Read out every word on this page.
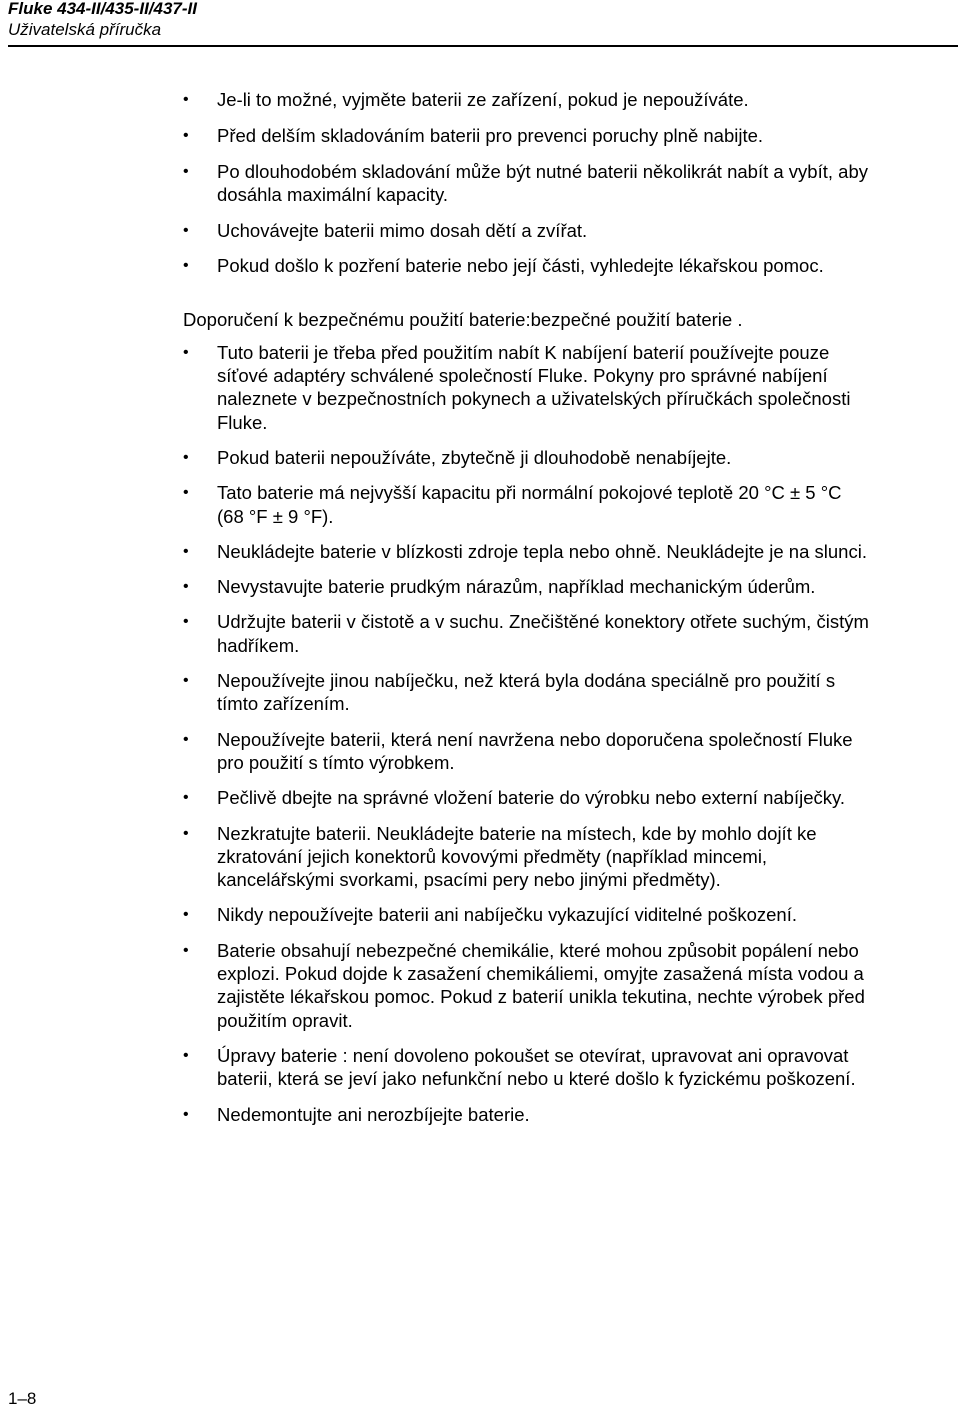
Fluke 434-II/435-II/437-II
Uživatelská příručka
• Je-li to možné, vyjměte baterii ze zařízení, pokud je nepoužíváte.
• Před delším skladováním baterii pro prevenci poruchy plně nabijte.
• Po dlouhodobém skladování může být nutné baterii několikrát nabít a vybít, aby dosáhla maximální kapacity.
• Uchovávejte baterii mimo dosah dětí a zvířat.
• Pokud došlo k pozření baterie nebo její části, vyhledejte lékařskou pomoc.
Doporučení k bezpečnému použití baterie:bezpečné použití baterie .
• Tuto baterii je třeba před použitím nabít K nabíjení baterií používejte pouze síťové adaptéry schválené společností Fluke. Pokyny pro správné nabíjení naleznete v bezpečnostních pokynech a uživatelských příručkách společnosti Fluke.
• Pokud baterii nepoužíváte, zbytečně ji dlouhodobě nenabíjejte.
• Tato baterie má nejvyšší kapacitu při normální pokojové teplotě 20 °C ± 5 °C (68 °F ± 9 °F).
• Neukládejte baterie v blízkosti zdroje tepla nebo ohně. Neukládejte je na slunci.
• Nevystavujte baterie prudkým nárazům, například mechanickým úderům.
• Udržujte baterii v čistotě a v suchu. Znečištěné konektory otřete suchým, čistým hadříkem.
• Nepoužívejte jinou nabíječku, než která byla dodána speciálně pro použití s tímto zařízením.
• Nepoužívejte baterii, která není navržena nebo doporučena společností Fluke pro použití s tímto výrobkem.
• Pečlivě dbejte na správné vložení baterie do výrobku nebo externí nabíječky.
• Nezkratujte baterii. Neukládejte baterie na místech, kde by mohlo dojít ke zkratování jejich konektorů kovovými předměty (například mincemi, kancelářskými svorkami, psacími pery nebo jinými předměty).
• Nikdy nepoužívejte baterii ani nabíječku vykazující viditelné poškození.
• Baterie obsahují nebezpečné chemikálie, které mohou způsobit popálení nebo explozi. Pokud dojde k zasažení chemikáliemi, omyjte zasažená místa vodou a zajistěte lékařskou pomoc. Pokud z baterií unikla tekutina, nechte výrobek před použitím opravit.
• Úpravy baterie : není dovoleno pokoušet se otevírat, upravovat ani opravovat baterii, která se jeví jako nefunkční nebo u které došlo k fyzickému poškození.
• Nedemontujte ani nerozbíjejte baterie.
1–8
